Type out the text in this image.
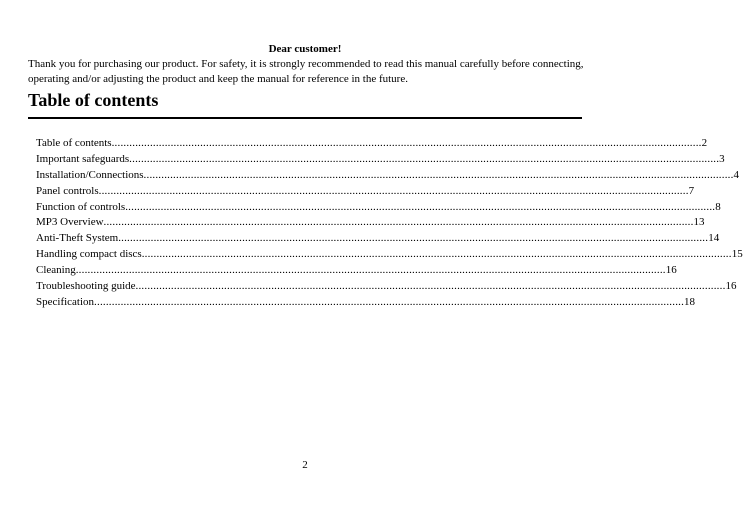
Dear customer!
Thank you for purchasing our product. For safety, it is strongly recommended to read this manual carefully before connecting, operating and/or adjusting the product and keep the manual for reference in the future.
Table of contents
Table of contents ........................................................................................................................................................................................................ 2
Important safeguards ........................................................................................................................................................................................................ 3
Installation/Connections ........................................................................................................................................................................................................ 4
Panel controls ........................................................................................................................................................................................................ 7
Function of controls ........................................................................................................................................................................................................ 8
MP3 Overview ........................................................................................................................................................................................................ 13
Anti-Theft System ........................................................................................................................................................................................................ 14
Handling compact discs ........................................................................................................................................................................................................ 15
Cleaning ........................................................................................................................................................................................................ 16
Troubleshooting guide ........................................................................................................................................................................................................ 16
Specification ........................................................................................................................................................................................................ 18
2
